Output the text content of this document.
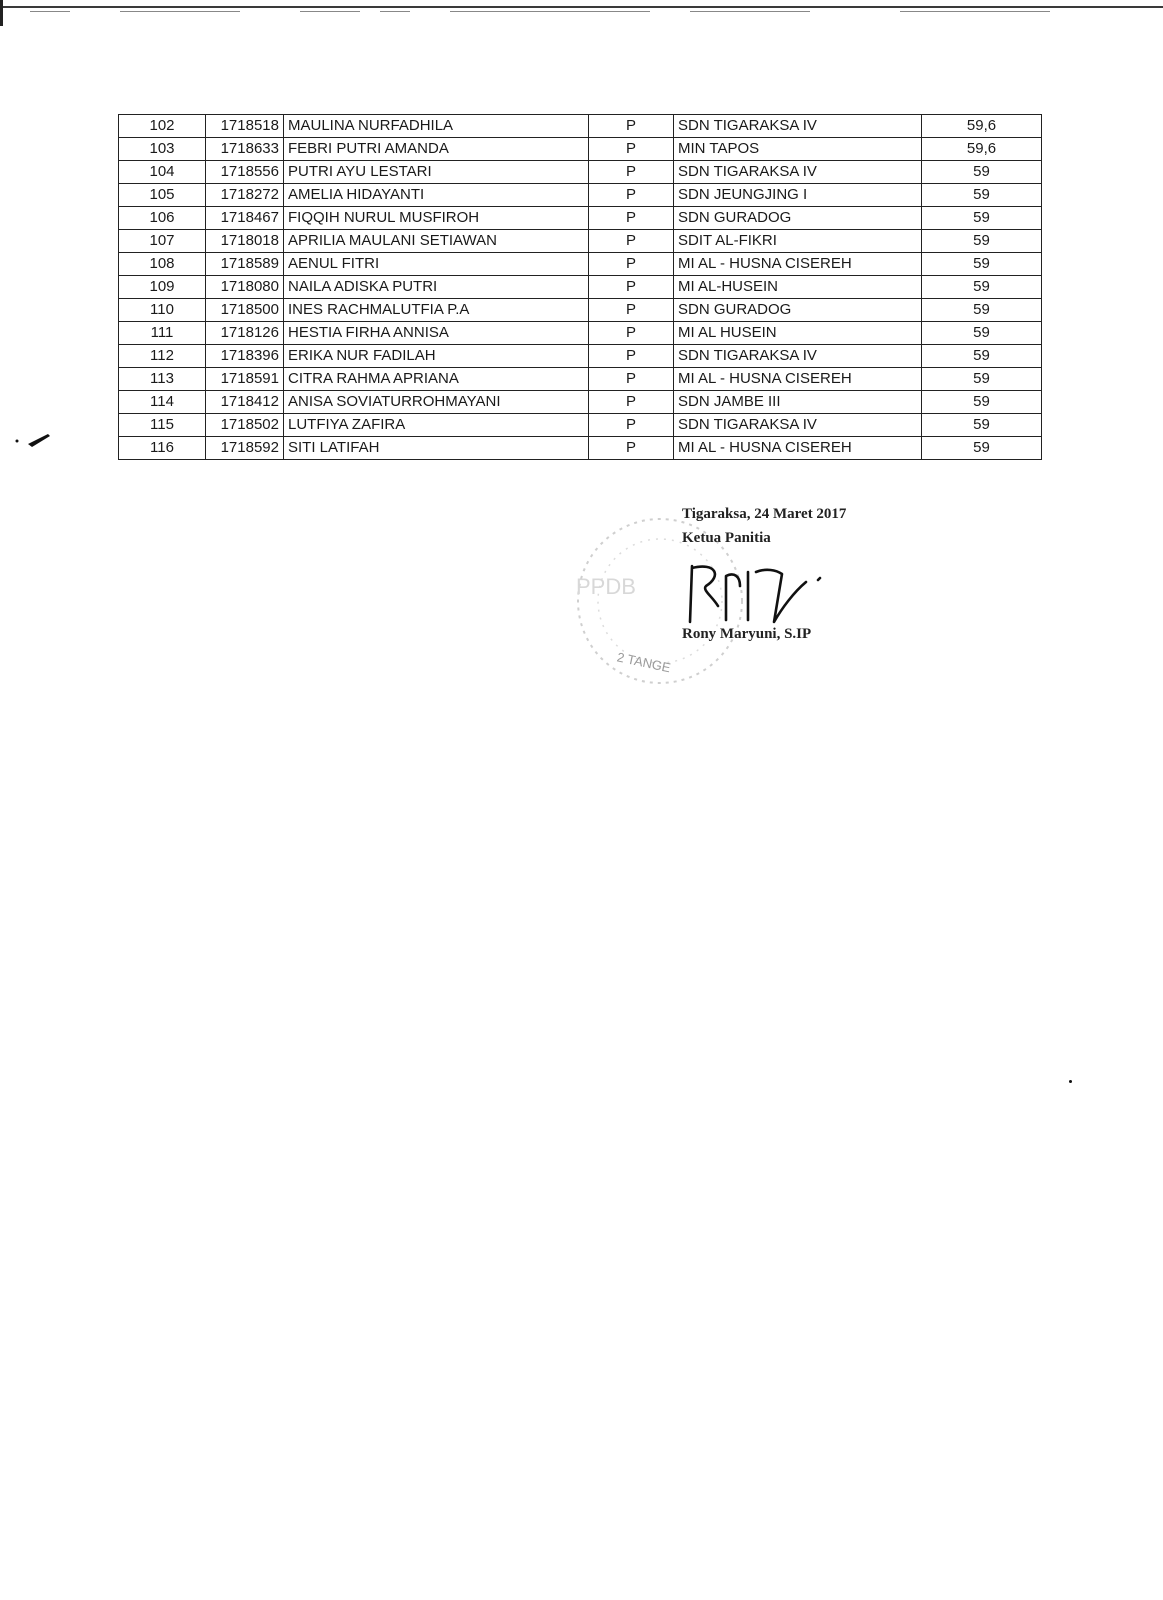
102	1718518	MAULINA NURFADHILA	P	SDN TIGARAKSA IV	59,6
103	1718633	FEBRI PUTRI AMANDA	P	MIN TAPOS	59,6
104	1718556	PUTRI AYU LESTARI	P	SDN TIGARAKSA IV	59
105	1718272	AMELIA HIDAYANTI	P	SDN JEUNGJING I	59
106	1718467	FIQQIH NURUL MUSFIROH	P	SDN GURADOG	59
107	1718018	APRILIA MAULANI SETIAWAN	P	SDIT AL-FIKRI	59
108	1718589	AENUL FITRI	P	MI AL - HUSNA CISEREH	59
109	1718080	NAILA ADISKA PUTRI	P	MI AL-HUSEIN	59
110	1718500	INES RACHMALUTFIA P.A	P	SDN GURADOG	59
111	1718126	HESTIA FIRHA ANNISA	P	MI AL HUSEIN	59
112	1718396	ERIKA NUR FADILAH	P	SDN TIGARAKSA IV	59
113	1718591	CITRA RAHMA APRIANA	P	MI AL - HUSNA CISEREH	59
114	1718412	ANISA SOVIATURROHMAYANI	P	SDN JAMBE III	59
115	1718502	LUTFIYA ZAFIRA	P	SDN TIGARAKSA IV	59
116	1718592	SITI LATIFAH	P	MI AL - HUSNA CISEREH	59
PPDB
2 TANGE
Tigaraksa, 24 Maret 2017
Ketua Panitia
Rony Maryuni, S.IP
